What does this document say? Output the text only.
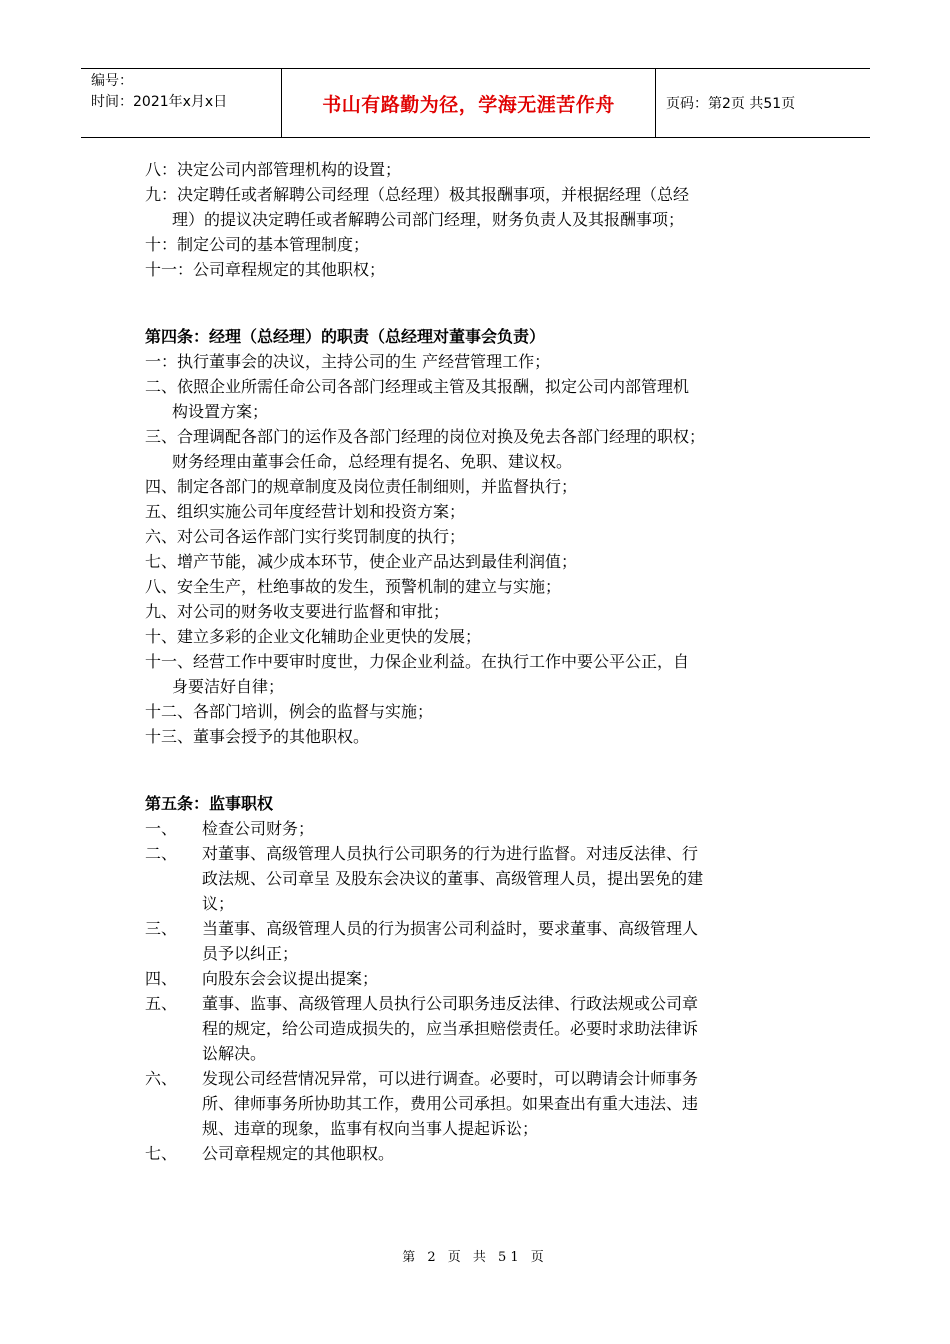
编号：
时间：2021年x月x日	书山有路勤为径，学海无涯苦作舟	页码：第2页 共51页
八：决定公司内部管理机构的设置；
九：决定聘任或者解聘公司经理（总经理）极其报酬事项，并根据经理（总经
理）的提议决定聘任或者解聘公司部门经理，财务负责人及其报酬事项；
十：制定公司的基本管理制度；
十一：公司章程规定的其他职权；
第四条：经理（总经理）的职责（总经理对董事会负责）
一：执行董事会的决议，主持公司的生 产经营管理工作；
二、依照企业所需任命公司各部门经理或主管及其报酬，拟定公司内部管理机
构设置方案；
三、合理调配各部门的运作及各部门经理的岗位对换及免去各部门经理的职权；
财务经理由董事会任命，总经理有提名、免职、建议权。
四、制定各部门的规章制度及岗位责任制细则，并监督执行；
五、组织实施公司年度经营计划和投资方案；
六、对公司各运作部门实行奖罚制度的执行；
七、增产节能，减少成本环节，使企业产品达到最佳利润值；
八、安全生产，杜绝事故的发生，预警机制的建立与实施；
九、对公司的财务收支要进行监督和审批；
十、建立多彩的企业文化辅助企业更快的发展；
十一、经营工作中要审时度世，力保企业利益。在执行工作中要公平公正，自
身要洁好自律；
十二、各部门培训，例会的监督与实施；
十三、董事会授予的其他职权。
第五条：监事职权
一、	检查公司财务；
二、	对董事、高级管理人员执行公司职务的行为进行监督。对违反法律、行
政法规、公司章呈 及股东会决议的董事、高级管理人员，提出罢免的建
议；
三、	当董事、高级管理人员的行为损害公司利益时，要求董事、高级管理人
员予以纠正；
四、	向股东会会议提出提案；
五、	董事、监事、高级管理人员执行公司职务违反法律、行政法规或公司章
程的规定，给公司造成损失的，应当承担赔偿责任。必要时求助法律诉
讼解决。
六、	发现公司经营情况异常，可以进行调查。必要时，可以聘请会计师事务
所、律师事务所协助其工作，费用公司承担。如果查出有重大违法、违
规、违章的现象，监事有权向当事人提起诉讼；
七、	公司章程规定的其他职权。
第 2 页 共 51 页
